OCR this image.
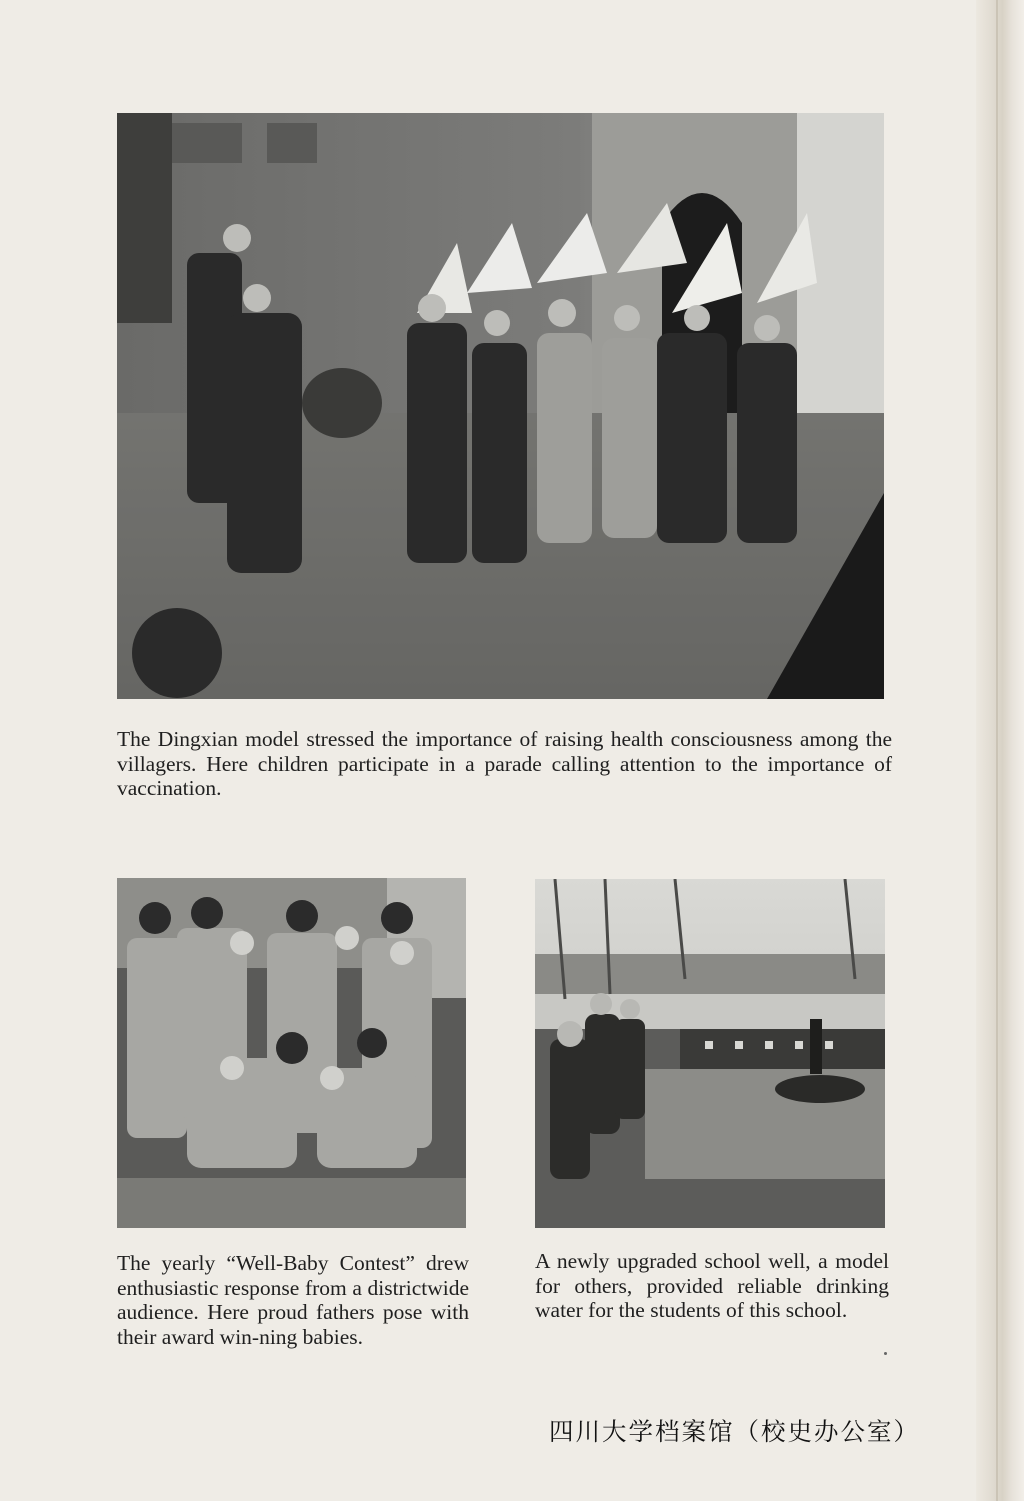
The Dingxian model stressed the importance of raising health consciousness among the villagers. Here children participate in a parade calling attention to the importance of vaccination.

The yearly “Well-Baby Contest” drew enthusiastic response from a districtwide audience. Here proud fathers pose with their award win-ning babies.

A newly upgraded school well, a model for others, provided reliable drinking water for the students of this school.

四川大学档案馆（校史办公室）
